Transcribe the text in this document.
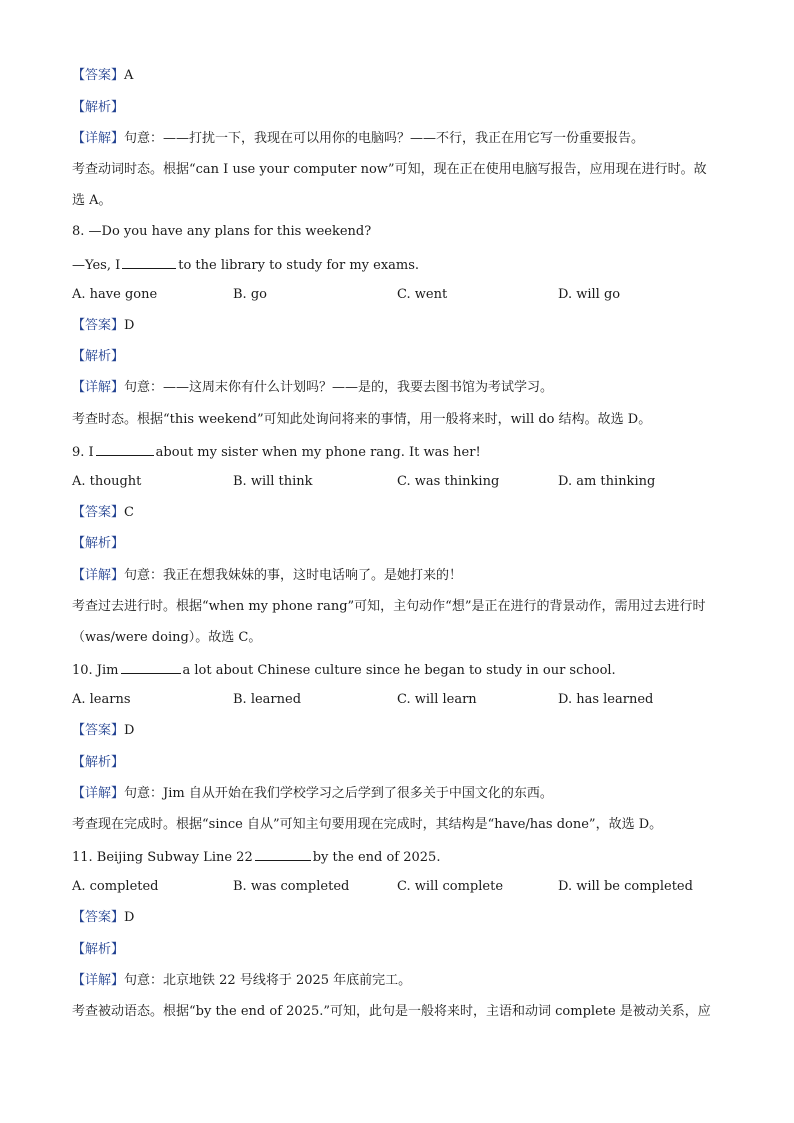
【答案】A
【解析】
【详解】句意：——打扰一下，我现在可以用你的电脑吗？——不行，我正在用它写一份重要报告。
考查动词时态。根据“can I use your computer now”可知，现在正在使用电脑写报告，应用现在进行时。故
选 A。
8. —Do you have any plans for this weekend?
—Yes, I	to the library to study for my exams.
A. have gone	B. go	C. went	D. will go
【答案】D
【解析】
【详解】句意：——这周末你有什么计划吗？——是的，我要去图书馆为考试学习。
考查时态。根据“this weekend”可知此处询问将来的事情，用一般将来时，will do 结构。故选 D。
9. I	about my sister when my phone rang. It was her!
A. thought	B. will think	C. was thinking	D. am thinking
【答案】C
【解析】
【详解】句意：我正在想我妹妹的事，这时电话响了。是她打来的！
考查过去进行时。根据“when my phone rang”可知，主句动作“想”是正在进行的背景动作，需用过去进行时
（was/were doing）。故选 C。
10. Jim	a lot about Chinese culture since he began to study in our school.
A. learns	B. learned	C. will learn	D. has learned
【答案】D
【解析】
【详解】句意：Jim 自从开始在我们学校学习之后学到了很多关于中国文化的东西。
考查现在完成时。根据“since 自从”可知主句要用现在完成时，其结构是“have/has done”，故选 D。
11. Beijing Subway Line 22	by the end of 2025.
A. completed	B. was completed	C. will complete	D. will be completed
【答案】D
【解析】
【详解】句意：北京地铁 22 号线将于 2025 年底前完工。
考查被动语态。根据“by the end of 2025.”可知，此句是一般将来时，主语和动词 complete 是被动关系，应
